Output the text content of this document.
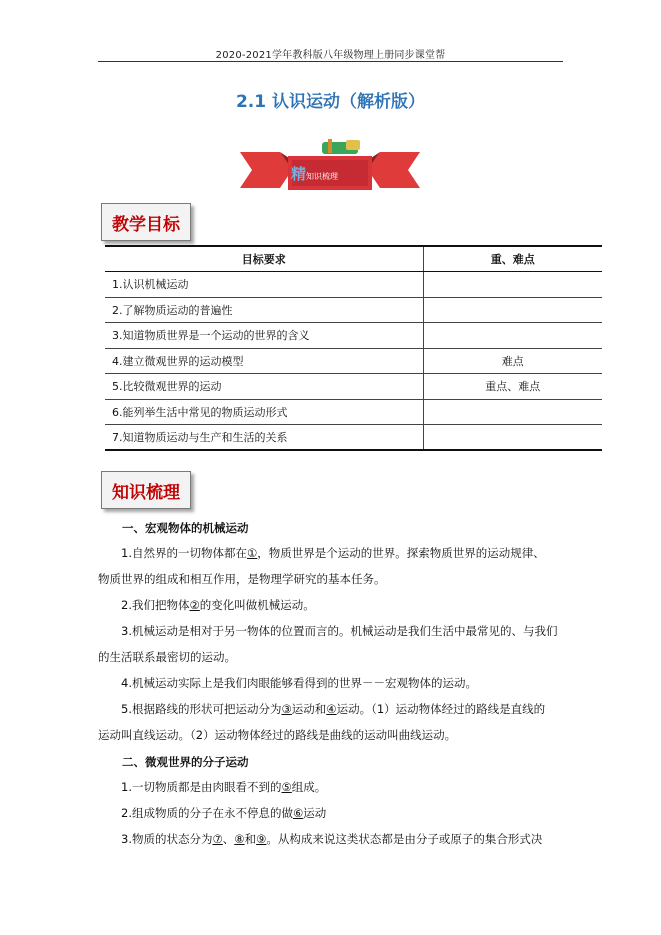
2020-2021学年教科版八年级物理上册同步课堂帮
2.1 认识运动（解析版）
精 知识梳理
教学目标
目标要求	重、难点
1.认识机械运动	
2.了解物质运动的普遍性	
3.知道物质世界是一个运动的世界的含义	
4.建立微观世界的运动模型	难点
5.比较微观世界的运动	重点、难点
6.能列举生活中常见的物质运动形式	
7.知道物质运动与生产和生活的关系	
知识梳理
一、宏观物体的机械运动
1.自然界的一切物体都在①，物质世界是个运动的世界。探索物质世界的运动规律、
物质世界的组成和相互作用，是物理学研究的基本任务。
2.我们把物体②的变化叫做机械运动。
3.机械运动是相对于另一物体的位置而言的。机械运动是我们生活中最常见的、与我们
的生活联系最密切的运动。
4.机械运动实际上是我们肉眼能够看得到的世界－－宏观物体的运动。
5.根据路线的形状可把运动分为③运动和④运动。（1）运动物体经过的路线是直线的
运动叫直线运动。（2）运动物体经过的路线是曲线的运动叫曲线运动。
二、微观世界的分子运动
1.一切物质都是由肉眼看不到的⑤组成。
2.组成物质的分子在永不停息的做⑥运动
3.物质的状态分为⑦、⑧和⑨。从构成来说这类状态都是由分子或原子的集合形式决
